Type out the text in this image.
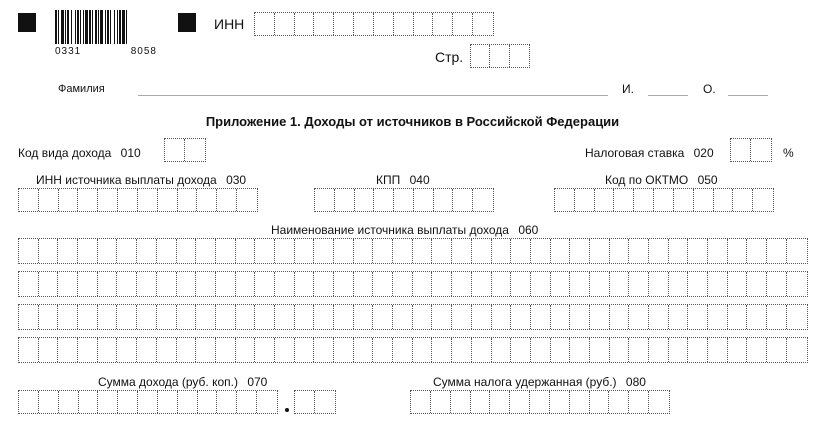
0331	8058
ИНН
Стр.
Фамилия	И.	О.
Приложение 1. Доходы от источников в Российской Федерации
Код вида дохода 010	Налоговая ставка 020	%
ИНН источника выплаты дохода 030	КПП 040	Код по ОКТМО 050
Наименование источника выплаты дохода 060
Сумма дохода (руб. коп.) 070	Сумма налога удержанная (руб.) 080
